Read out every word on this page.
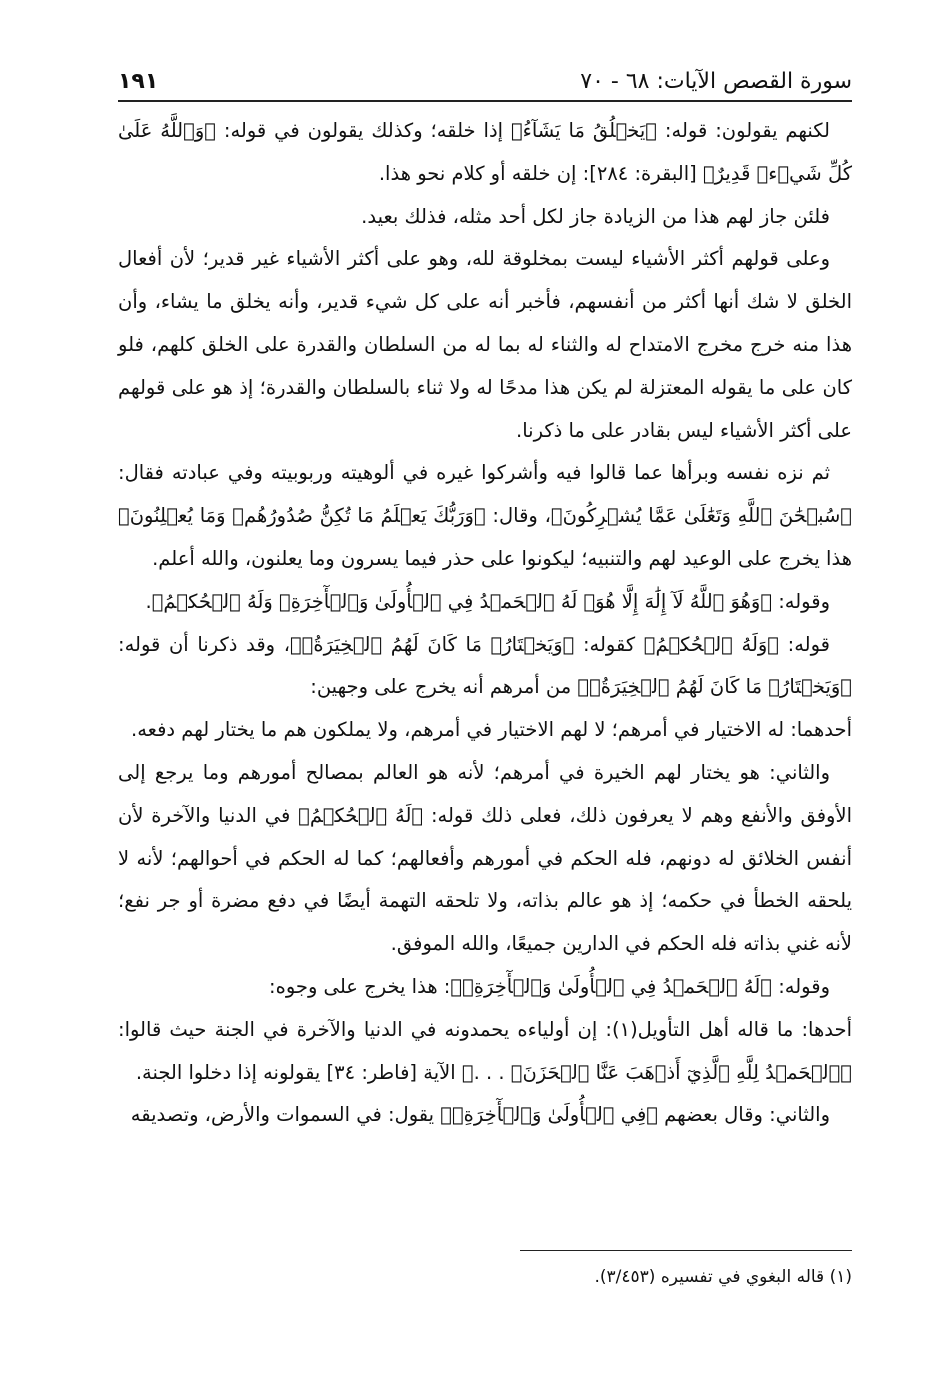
سورة القصص الآيات: ٦٨ - ٧٠
١٩١

لكنهم يقولون: قوله: ﴿يَخۡلُقُ مَا يَشَآءُ﴾ إذا خلقه؛ وكذلك يقولون في قوله: ﴿وَٱللَّهُ عَلَىٰ كُلِّ شَيۡءٖ قَدِيرٌ﴾ [البقرة: ٢٨٤]: إن خلقه أو كلام نحو هذا.

فلئن جاز لهم هذا من الزيادة جاز لكل أحد مثله، فذلك بعيد.

وعلى قولهم أكثر الأشياء ليست بمخلوقة لله، وهو على أكثر الأشياء غير قدير؛ لأن أفعال الخلق لا شك أنها أكثر من أنفسهم، فأخبر أنه على كل شيء قدير، وأنه يخلق ما يشاء، وأن هذا منه خرج مخرج الامتداح له والثناء له بما له من السلطان والقدرة على الخلق كلهم، فلو كان على ما يقوله المعتزلة لم يكن هذا مدحًا له ولا ثناء بالسلطان والقدرة؛ إذ هو على قولهم على أكثر الأشياء ليس بقادر على ما ذكرنا.

ثم نزه نفسه وبرأها عما قالوا فيه وأشركوا غيره في ألوهيته وربوبيته وفي عبادته فقال: ﴿سُبۡحَٰنَ ٱللَّهِ وَتَعَٰلَىٰ عَمَّا يُشۡرِكُونَ﴾، وقال: ﴿وَرَبُّكَ يَعۡلَمُ مَا تُكِنُّ صُدُورُهُمۡ وَمَا يُعۡلِنُونَ﴾ هذا يخرج على الوعيد لهم والتنبيه؛ ليكونوا على حذر فيما يسرون وما يعلنون، والله أعلم.

وقوله: ﴿وَهُوَ ٱللَّهُ لَآ إِلَٰهَ إِلَّا هُوَۖ لَهُ ٱلۡحَمۡدُ فِي ٱلۡأُولَىٰ وَٱلۡأٓخِرَةِۖ وَلَهُ ٱلۡحُكۡمُ﴾.

قوله: ﴿وَلَهُ ٱلۡحُكۡمُ﴾ كقوله: ﴿وَيَخۡتَارُۗ مَا كَانَ لَهُمُ ٱلۡخِيَرَةُۚ﴾، وقد ذكرنا أن قوله: ﴿وَيَخۡتَارُۗ مَا كَانَ لَهُمُ ٱلۡخِيَرَةُۚ﴾ من أمرهم أنه يخرج على وجهين:

أحدهما: له الاختيار في أمرهم؛ لا لهم الاختيار في أمرهم، ولا يملكون هم ما يختار لهم دفعه.

والثاني: هو يختار لهم الخيرة في أمرهم؛ لأنه هو العالم بمصالح أمورهم وما يرجع إلى الأوفق والأنفع وهم لا يعرفون ذلك، فعلى ذلك قوله: ﴿لَهُ ٱلۡحُكۡمُ﴾ في الدنيا والآخرة لأن أنفس الخلائق له دونهم، فله الحكم في أمورهم وأفعالهم؛ كما له الحكم في أحوالهم؛ لأنه لا يلحقه الخطأ في حكمه؛ إذ هو عالم بذاته، ولا تلحقه التهمة أيضًا في دفع مضرة أو جر نفع؛ لأنه غني بذاته فله الحكم في الدارين جميعًا، والله الموفق.

وقوله: ﴿لَهُ ٱلۡحَمۡدُ فِي ٱلۡأُولَىٰ وَٱلۡأٓخِرَةِۖ﴾: هذا يخرج على وجوه:

أحدها: ما قاله أهل التأويل(١): إن أولياءه يحمدونه في الدنيا والآخرة في الجنة حيث قالوا: ﴿ٱلۡحَمۡدُ لِلَّهِ ٱلَّذِيٓ أَذۡهَبَ عَنَّا ٱلۡحَزَنَۖ . . .﴾ الآية [فاطر: ٣٤] يقولونه إذا دخلوا الجنة.

والثاني: وقال بعضهم ﴿فِي ٱلۡأُولَىٰ وَٱلۡأٓخِرَةِۖ﴾ يقول: في السموات والأرض، وتصديقه

(١) قاله البغوي في تفسيره (٣/٤٥٣).
